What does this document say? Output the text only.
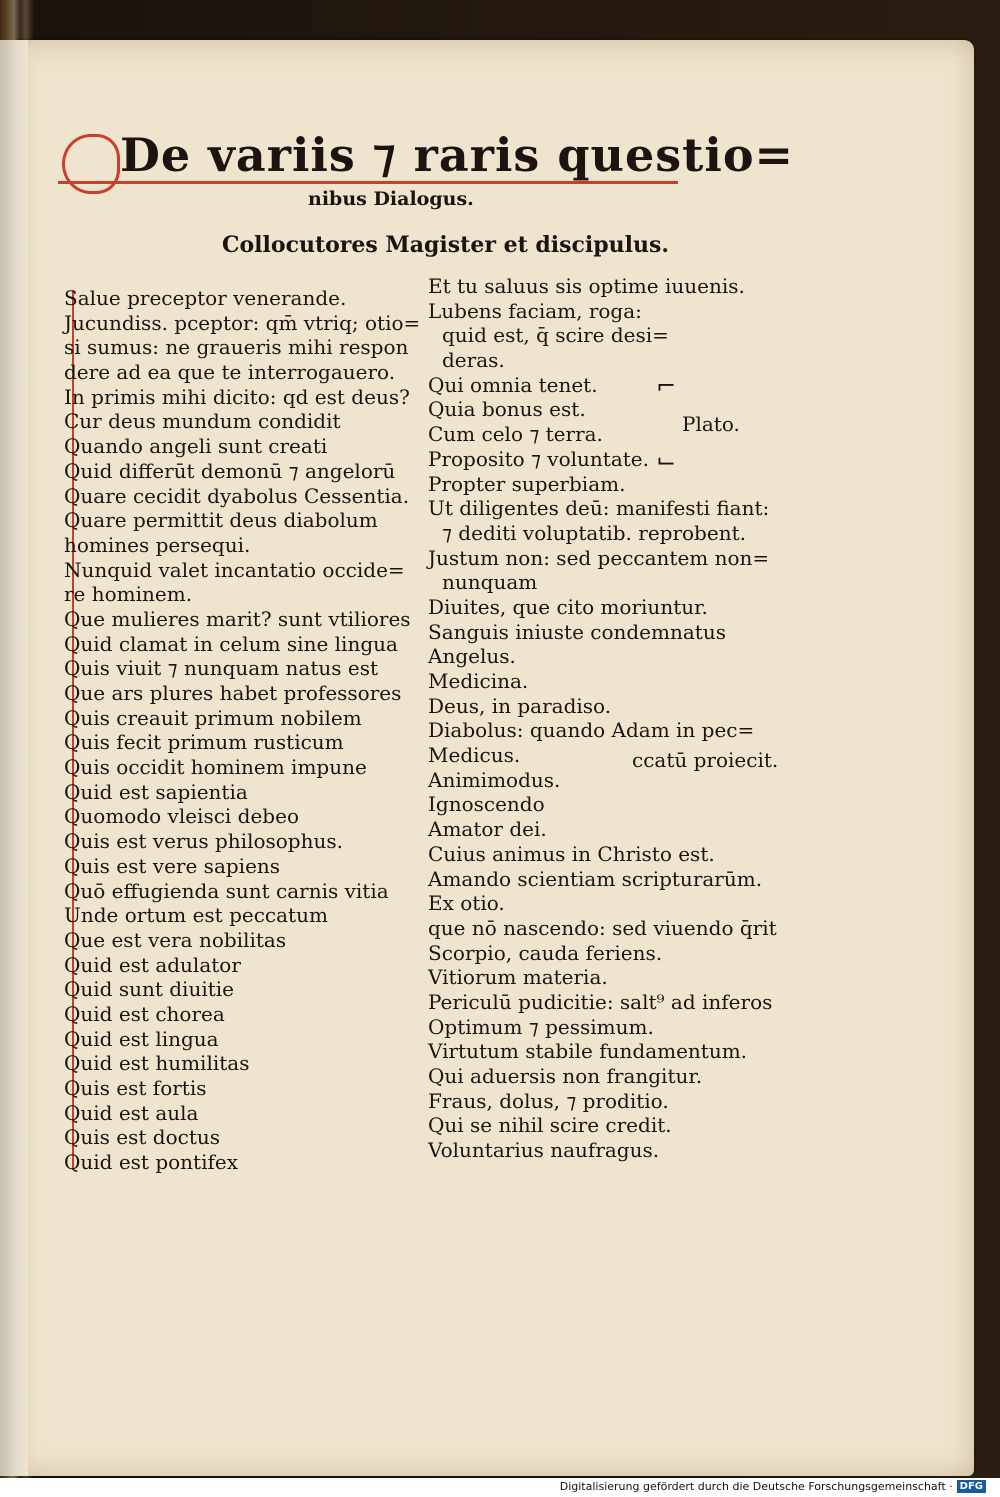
De variis ⁊ raris questio=
nibus Dialogus.
Collocutores Magister et discipulus.
Salue preceptor venerande.
Jucundiss. pceptor: qm̄ vtriq; otio=
si sumus: ne graueris mihi respon
dere ad ea que te interrogauero.
In primis mihi dicito: qd est deus?
Cur deus mundum condidit
Quando angeli sunt creati
Quid differūt demonū ⁊ angelorū
Quare cecidit dyabolus Cessentia.
Quare permittit deus diabolum
homines persequi.
Nunquid valet incantatio occide=
re hominem.
Que mulieres marit? sunt vtiliores
Quid clamat in celum sine lingua
Quis viuit ⁊ nunquam natus est
Que ars plures habet professores
Quis creauit primum nobilem
Quis fecit primum rusticum
Quis occidit hominem impune
Quid est sapientia
Quomodo vleisci debeo
Quis est verus philosophus.
Quis est vere sapiens
Quō effugienda sunt carnis vitia
Unde ortum est peccatum
Que est vera nobilitas
Quid est adulator
Quid sunt diuitie
Quid est chorea
Quid est lingua
Quid est humilitas
Quis est fortis
Quid est aula
Quis est doctus
Quid est pontifex
Et tu saluus sis optime iuuenis.
Lubens faciam, roga:
quid est, q̄ scire desi=
deras.
Qui omnia tenet.
Quia bonus est.
Cum celo ⁊ terra.
Proposito ⁊ voluntate.
Propter superbiam.
Ut diligentes deū: manifesti fiant:
⁊ dediti voluptatib. reprobent.
Justum non: sed peccantem non=
nunquam
Diuites, que cito moriuntur.
Sanguis iniuste condemnatus
Angelus.
Medicina.
Deus, in paradiso.
Diabolus: quando Adam in pec=
Medicus.
Animimodus.
Ignoscendo
Amator dei.
Cuius animus in Christo est.
Amando scientiam scripturarūm.
Ex otio.
que nō nascendo: sed viuendo q̄rit
Scorpio, cauda feriens.
Vitiorum materia.
Periculū pudicitie: salt⁹ ad inferos
Optimum ⁊ pessimum.
Virtutum stabile fundamentum.
Qui aduersis non frangitur.
Fraus, dolus, ⁊ proditio.
Qui se nihil scire credit.
Voluntarius naufragus.
⌐
⌙
Plato.
ccatū proiecit.
Digitalisierung gefördert durch die Deutsche Forschungsgemeinschaft · DFG
